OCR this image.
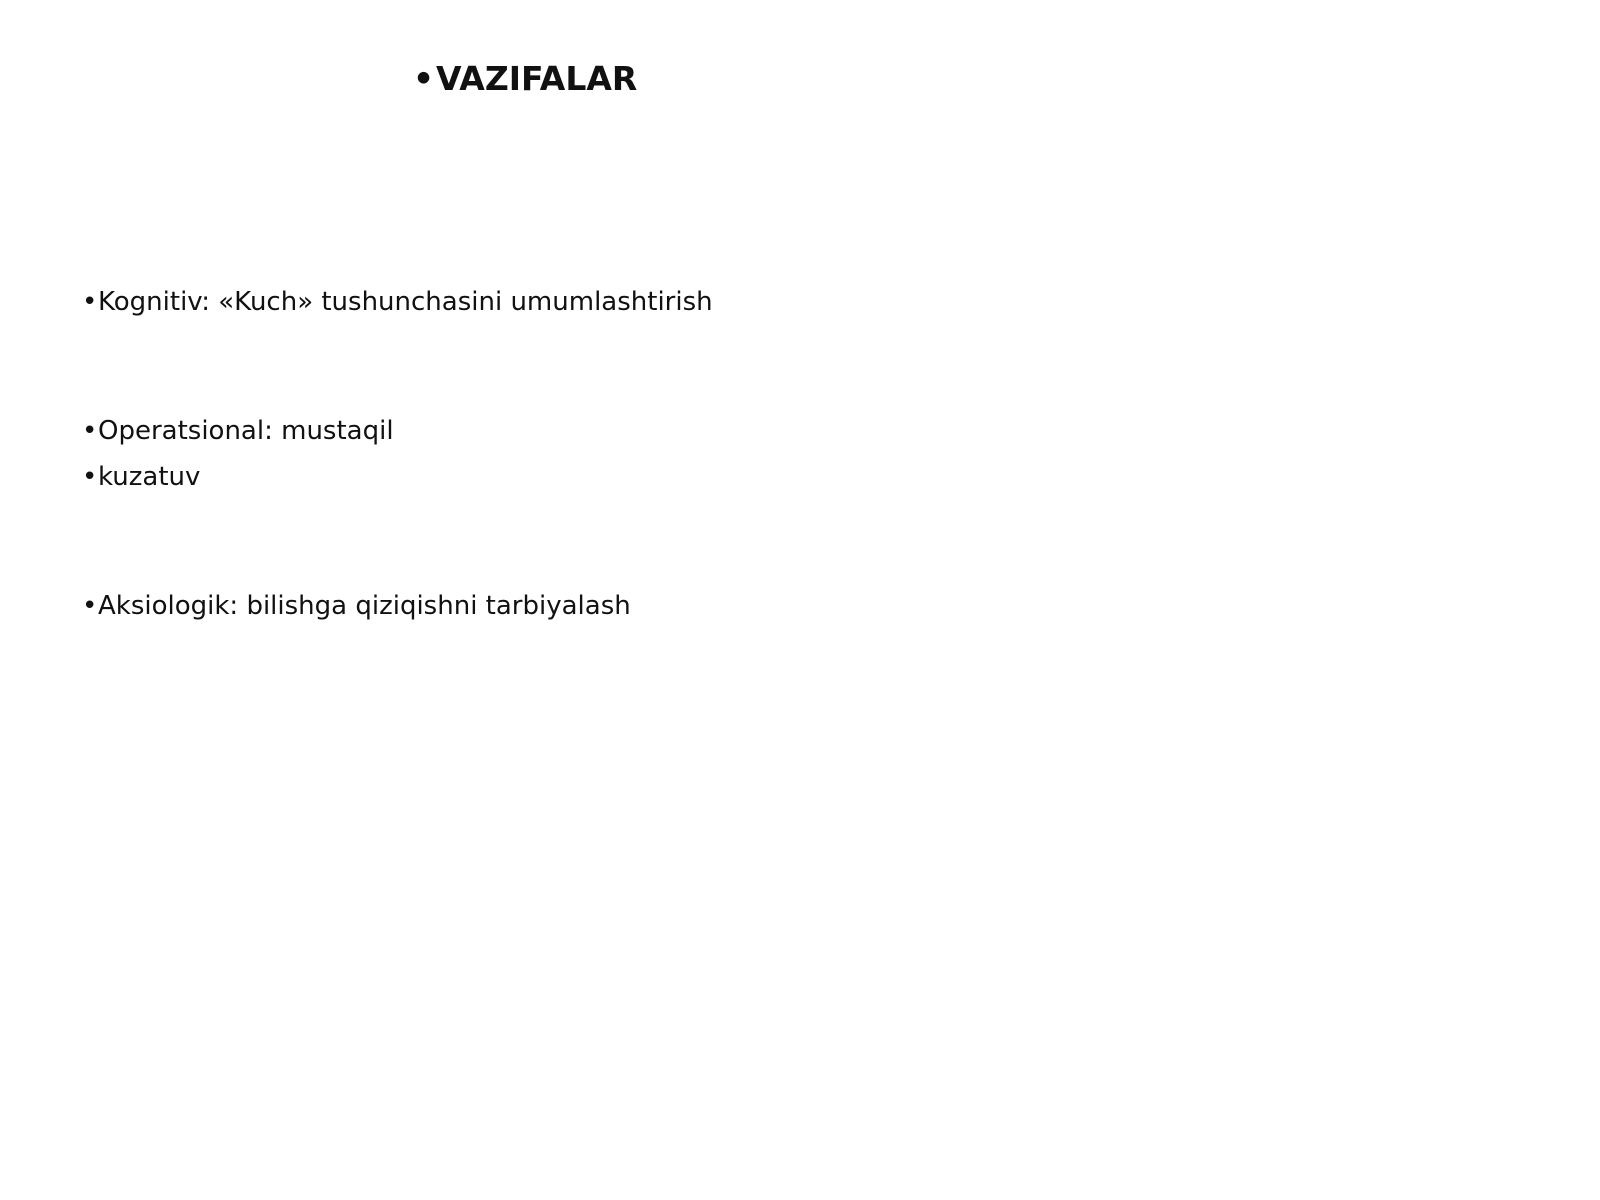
•VAZIFALAR
•Kognitiv: «Kuch» tushunchasini umumlashtirish
•Operatsional: mustaqil
•kuzatuv
•Aksiologik: bilishga qiziqishni tarbiyalash
